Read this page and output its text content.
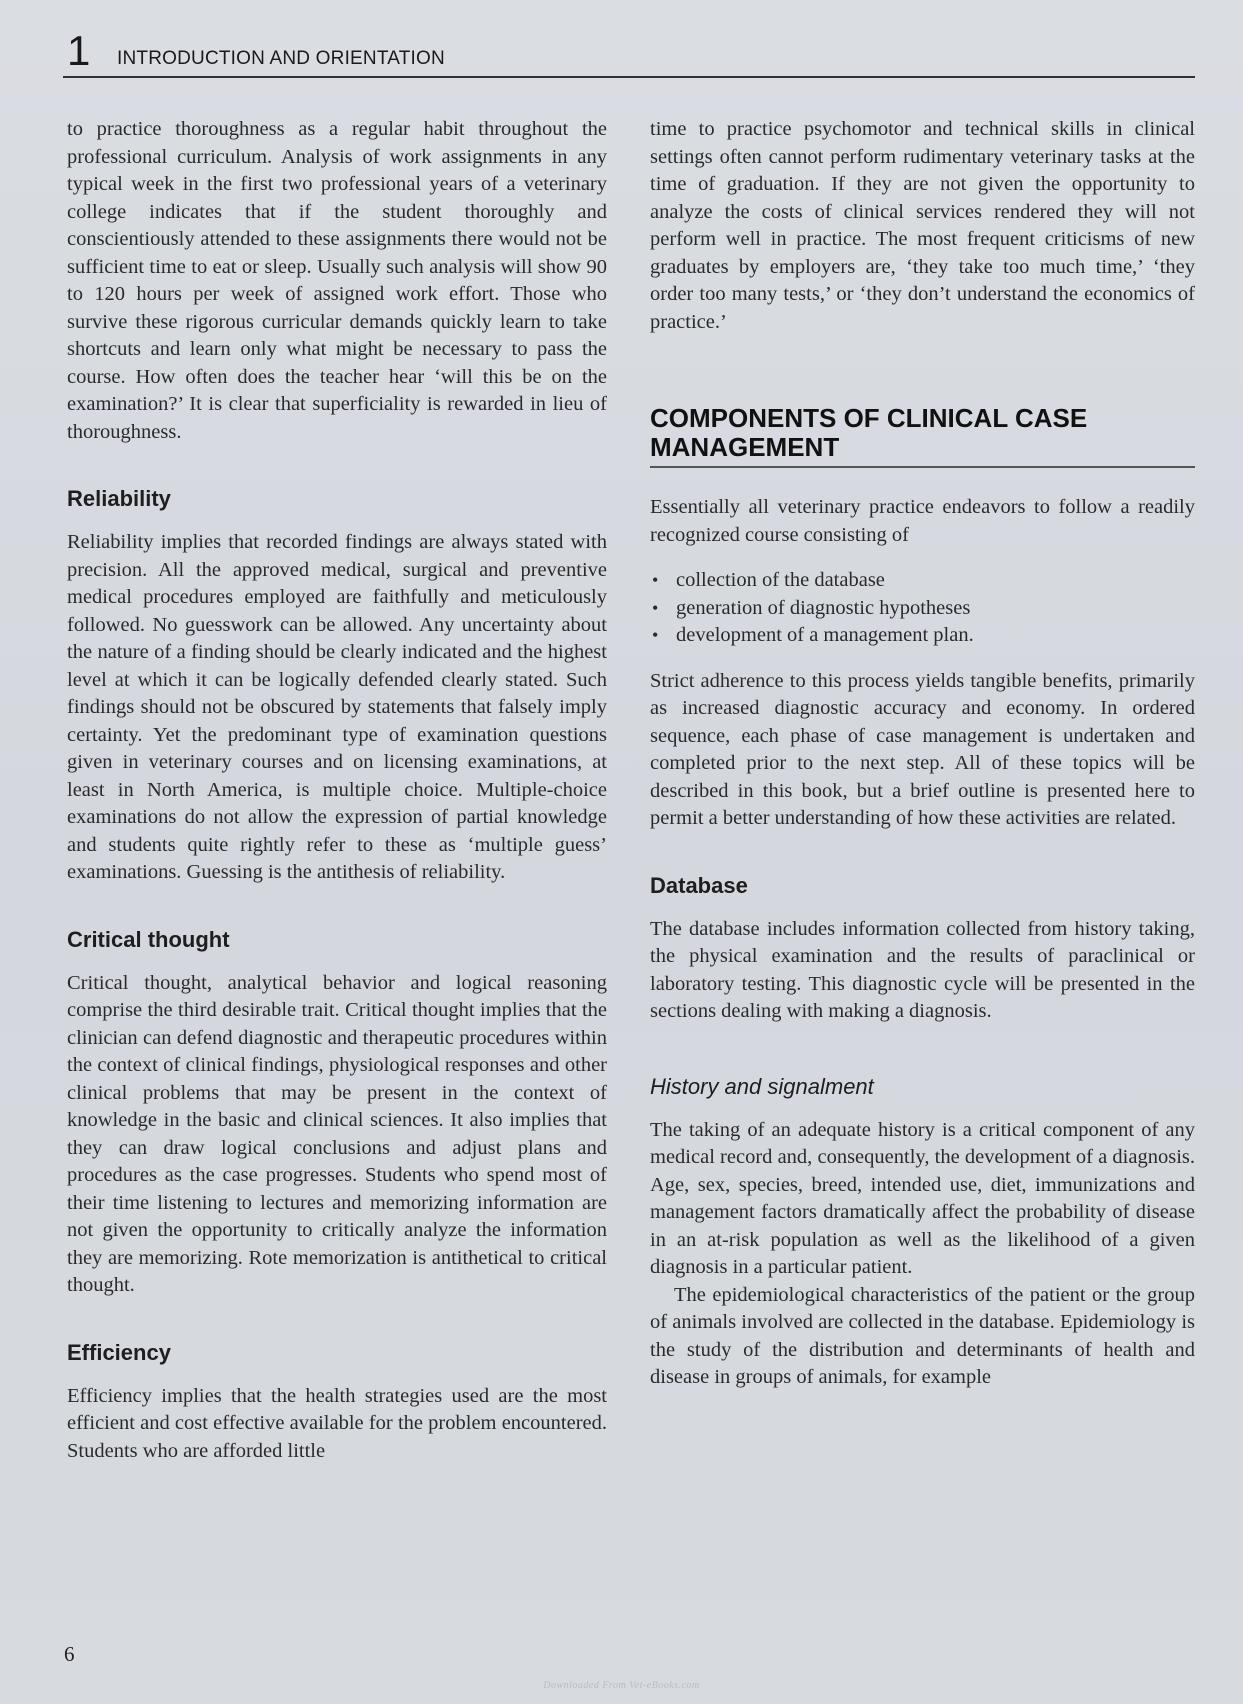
1 INTRODUCTION AND ORIENTATION

to practice thoroughness as a regular habit throughout the professional curriculum. Analysis of work assignments in any typical week in the first two professional years of a veterinary college indicates that if the student thoroughly and conscientiously attended to these assignments there would not be sufficient time to eat or sleep. Usually such analysis will show 90 to 120 hours per week of assigned work effort. Those who survive these rigorous curricular demands quickly learn to take shortcuts and learn only what might be necessary to pass the course. How often does the teacher hear ‘will this be on the examination?’ It is clear that superficiality is rewarded in lieu of thoroughness.

Reliability

Reliability implies that recorded findings are always stated with precision. All the approved medical, surgical and preventive medical procedures employed are faithfully and meticulously followed. No guesswork can be allowed. Any uncertainty about the nature of a finding should be clearly indicated and the highest level at which it can be logically defended clearly stated. Such findings should not be obscured by statements that falsely imply certainty. Yet the predominant type of examination questions given in veterinary courses and on licensing examinations, at least in North America, is multiple choice. Multiple-choice examinations do not allow the expression of partial knowledge and students quite rightly refer to these as ‘multiple guess’ examinations. Guessing is the antithesis of reliability.

Critical thought

Critical thought, analytical behavior and logical reasoning comprise the third desirable trait. Critical thought implies that the clinician can defend diagnostic and therapeutic procedures within the context of clinical findings, physiological responses and other clinical problems that may be present in the context of knowledge in the basic and clinical sciences. It also implies that they can draw logical conclusions and adjust plans and procedures as the case progresses. Students who spend most of their time listening to lectures and memorizing information are not given the opportunity to critically analyze the information they are memorizing. Rote memorization is antithetical to critical thought.

Efficiency

Efficiency implies that the health strategies used are the most efficient and cost effective available for the problem encountered. Students who are afforded little

time to practice psychomotor and technical skills in clinical settings often cannot perform rudimentary veterinary tasks at the time of graduation. If they are not given the opportunity to analyze the costs of clinical services rendered they will not perform well in practice. The most frequent criticisms of new graduates by employers are, ‘they take too much time,’ ‘they order too many tests,’ or ‘they don’t understand the economics of practice.’

COMPONENTS OF CLINICAL CASE MANAGEMENT

Essentially all veterinary practice endeavors to follow a readily recognized course consisting of

• collection of the database
• generation of diagnostic hypotheses
• development of a management plan.

Strict adherence to this process yields tangible benefits, primarily as increased diagnostic accuracy and economy. In ordered sequence, each phase of case management is undertaken and completed prior to the next step. All of these topics will be described in this book, but a brief outline is presented here to permit a better understanding of how these activities are related.

Database

The database includes information collected from history taking, the physical examination and the results of paraclinical or laboratory testing. This diagnostic cycle will be presented in the sections dealing with making a diagnosis.

History and signalment

The taking of an adequate history is a critical component of any medical record and, consequently, the development of a diagnosis. Age, sex, species, breed, intended use, diet, immunizations and management factors dramatically affect the probability of disease in an at-risk population as well as the likelihood of a given diagnosis in a particular patient.

The epidemiological characteristics of the patient or the group of animals involved are collected in the database. Epidemiology is the study of the distribution and determinants of health and disease in groups of animals, for example

6
Downloaded From Vet-eBooks.com
